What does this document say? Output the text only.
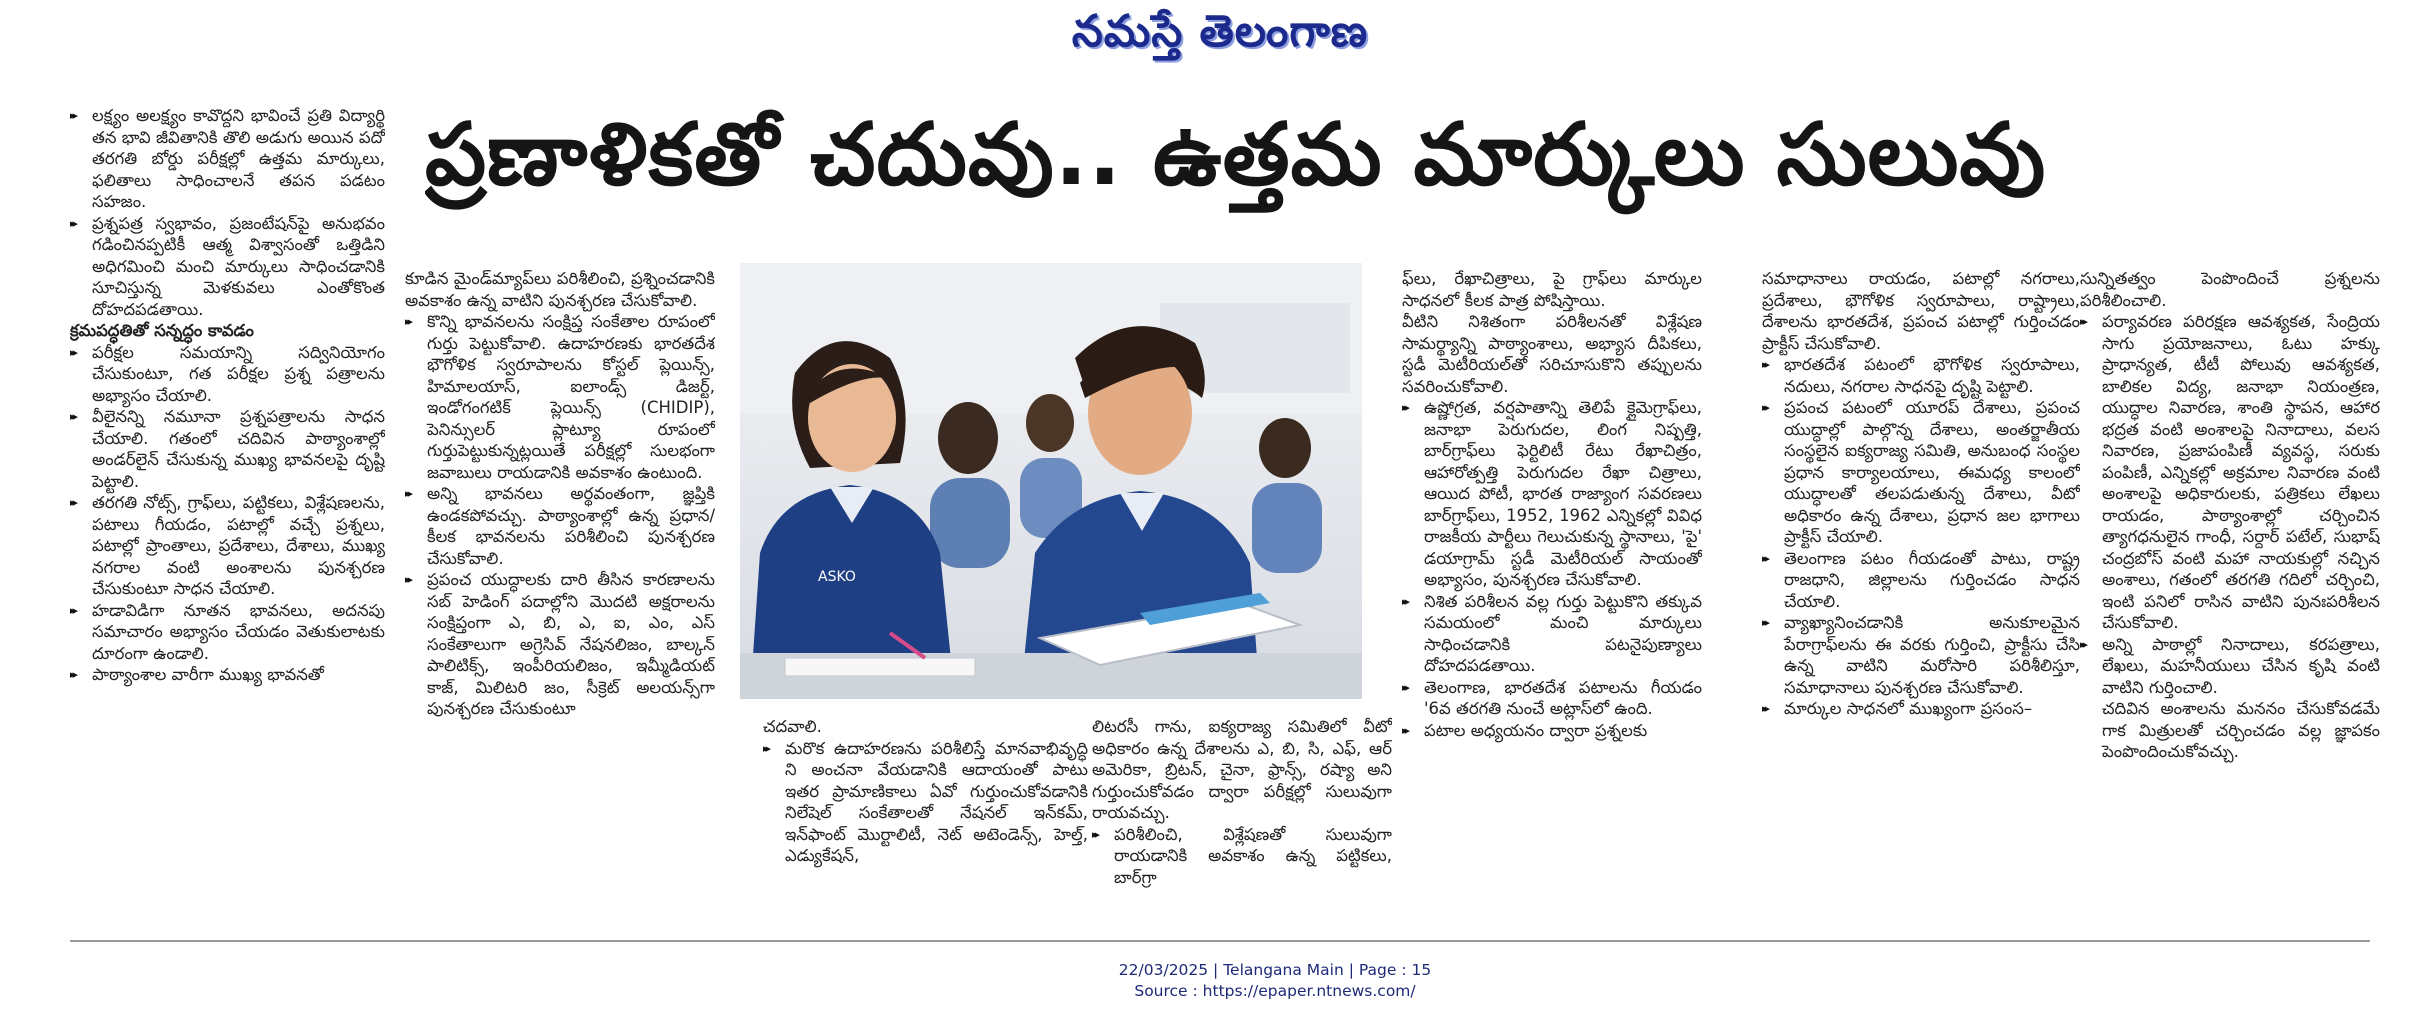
నమస్తే తెలంగాణ
ప్రణాళికతో చదువు.. ఉత్తమ మార్కులు సులువు

▸▸ లక్ష్యం అలక్ష్యం కావొద్దని భావించే ప్రతి విద్యార్థి తన భావి జీవితానికి తొలి అడుగు అయిన పదో తరగతి బోర్డు పరీక్షల్లో ఉత్తమ మార్కులు, ఫలితాలు సాధించాలనే తపన పడటం సహజం.

▸▸ ప్రశ్నపత్ర స్వభావం, ప్రజంటేషన్‌పై అనుభవం గడించినప్పటికీ ఆత్మ విశ్వాసంతో ఒత్తిడిని అధిగమించి మంచి మార్కులు సాధించడానికి సూచిస్తున్న మెళకువలు ఎంతోకొంత దోహదపడతాయి.

క్రమపద్ధతితో సన్నద్ధం కావడం

▸▸ పరీక్షల సమయాన్ని సద్వినియోగం చేసుకుంటూ, గత పరీక్షల ప్రశ్న పత్రాలను అభ్యాసం చేయాలి.

▸▸ వీలైనన్ని నమూనా ప్రశ్నపత్రాలను సాధన చేయాలి. గతంలో చదివిన పాఠ్యాంశాల్లో అండర్‌లైన్ చేసుకున్న ముఖ్య భావనలపై దృష్టి పెట్టాలి.

▸▸ తరగతి నోట్స్, గ్రాఫ్‌లు, పట్టికలు, విశ్లేషణలను, పటాలు గీయడం, పటాల్లో వచ్చే ప్రశ్నలు, పటాల్లో ప్రాంతాలు, ప్రదేశాలు, దేశాలు, ముఖ్య నగరాల వంటి అంశాలను పునశ్చరణ చేసుకుంటూ సాధన చేయాలి.

▸▸ హడావిడిగా నూతన భావనలు, అదనపు సమాచారం అభ్యాసం చేయడం వెతుకులాటకు దూరంగా ఉండాలి.

▸▸ పాఠ్యాంశాల వారీగా ముఖ్య భావనతో

కూడిన మైండ్‌మ్యాప్‌లు పరిశీలించి, ప్రశ్నించడానికి అవకాశం ఉన్న వాటిని పునశ్చరణ చేసుకోవాలి.

▸▸ కొన్ని భావనలను సంక్షిప్త సంకేతాల రూపంలో గుర్తు పెట్టుకోవాలి. ఉదాహరణకు భారతదేశ భౌగోళిక స్వరూపాలను కోస్టల్ ప్లెయిన్స్, హిమాలయాస్, ఐలాండ్స్ డిజర్ట్, ఇండోగంగటిక్ ప్లెయిన్స్ (CHIDIP), పెనిన్సులర్ ప్లాట్యూ రూపంలో గుర్తుపెట్టుకున్నట్లయితే పరీక్షల్లో సులభంగా జవాబులు రాయడానికి అవకాశం ఉంటుంది.

▸▸ అన్ని భావనలు అర్థవంతంగా, జ్ఞప్తికి ఉండకపోవచ్చు. పాఠ్యాంశాల్లో ఉన్న ప్రధాన/కీలక భావనలను పరిశీలించి పునశ్చరణ చేసుకోవాలి.

▸▸ ప్రపంచ యుద్ధాలకు దారి తీసిన కారణాలను సబ్ హెడింగ్ పదాల్లోని మొదటి అక్షరాలను సంక్షిప్తంగా ఎ, బి, ఎ, ఐ, ఎం, ఎస్ సంకేతాలుగా అగ్రెసివ్ నేషనలిజం, బాల్కన్ పాలిటిక్స్, ఇంపీరియలిజం, ఇమ్మీడియట్ కాజ్, మిలిటరి జం, సీక్రెట్ అలయన్స్‌గా పునశ్చరణ చేసుకుంటూ

ASKO

చదవాలి.

▸▸ మరొక ఉదాహరణను పరిశీలిస్తే మానవాభివృద్ధి ని అంచనా వేయడానికి ఆదాయంతో పాటు ఇతర ప్రామాణికాలు ఏవో గుర్తుంచుకోవడానికి నిలేషెల్ సంకేతాలతో నేషనల్ ఇన్‌కమ్, ఇన్‌ఫాంట్ మొర్టాలిటీ, నెట్ అటెండెన్స్, హెల్త్, ఎడ్యుకేషన్,

లిటరసీ గాను, ఐక్యరాజ్య సమితిలో వీటో అధికారం ఉన్న దేశాలను ఎ, బి, సి, ఎఫ్, ఆర్‌ అమెరికా, బ్రిటన్, చైనా, ఫ్రాన్స్, రష్యా అని గుర్తుంచుకోవడం ద్వారా పరీక్షల్లో సులువుగా రాయవచ్చు.

▸▸ పరిశీలించి, విశ్లేషణతో సులువుగా రాయడానికి అవకాశం ఉన్న పట్టికలు, బార్‌గ్రా

ఫ్‌లు, రేఖాచిత్రాలు, పై గ్రాఫ్‌లు మార్కుల సాధనలో కీలక పాత్ర పోషిస్తాయి.

వీటిని నిశితంగా పరిశీలనతో విశ్లేషణ సామర్థ్యాన్ని పాఠ్యాంశాలు, అభ్యాస దీపికలు, స్టడీ మెటీరియల్‌తో సరిచూసుకొని తప్పులను సవరించుకోవాలి.

▸▸ ఉష్ణోగ్రత, వర్షపాతాన్ని తెలిపే క్లైమెగ్రాఫ్‌లు, జనాభా పెరుగుదల, లింగ నిష్పత్తి, బార్‌గ్రాఫ్‌లు ఫెర్టిలిటీ రేటు రేఖాచిత్రం, ఆహారోత్పత్తి పెరుగుదల రేఖా చిత్రాలు, ఆయిద పోటీ, భారత రాజ్యాంగ సవరణలు బార్‌గ్రాఫ్‌లు, 1952, 1962 ఎన్నికల్లో వివిధ రాజకీయ పార్టీలు గెలుచుకున్న స్థానాలు, 'పై' డయాగ్రామ్ స్టడీ మెటీరియల్ సాయంతో అభ్యాసం, పునశ్చరణ చేసుకోవాలి.

▸▸ నిశిత పరిశీలన వల్ల గుర్తు పెట్టుకొని తక్కువ సమయంలో మంచి మార్కులు సాధించడానికి పటనైపుణ్యాలు దోహదపడతాయి.

▸▸ తెలంగాణ, భారతదేశ పటాలను గీయడం '6వ తరగతి నుంచే అట్లాస్‌లో ఉంది.

▸▸ పటాల అధ్యయనం ద్వారా ప్రశ్నలకు

సమాధానాలు రాయడం, పటాల్లో నగరాలు, ప్రదేశాలు, భౌగోళిక స్వరూపాలు, రాష్ట్రాలు, దేశాలను భారతదేశ, ప్రపంచ పటాల్లో గుర్తించడం ప్రాక్టీస్ చేసుకోవాలి.

▸▸ భారతదేశ పటంలో భౌగోళిక స్వరూపాలు, నదులు, నగరాల సాధనపై దృష్టి పెట్టాలి.

▸▸ ప్రపంచ పటంలో యూరప్ దేశాలు, ప్రపంచ యుద్ధాల్లో పాల్గొన్న దేశాలు, అంతర్జాతీయ సంస్థలైన ఐక్యరాజ్య సమితి, అనుబంధ సంస్థల ప్రధాన కార్యాలయాలు, ఈమధ్య కాలంలో యుద్ధాలతో తలపడుతున్న దేశాలు, వీటో అధికారం ఉన్న దేశాలు, ప్రధాన జల భాగాలు ప్రాక్టీస్ చేయాలి.

▸▸ తెలంగాణ పటం గీయడంతో పాటు, రాష్ట్ర రాజధాని, జిల్లాలను గుర్తించడం సాధన చేయాలి.

▸▸ వ్యాఖ్యానించడానికి అనుకూలమైన పేరాగ్రాఫ్‌లను ఈ వరకు గుర్తించి, ప్రాక్టీసు చేసి ఉన్న వాటిని మరోసారి పరిశీలిస్తూ, సమాధానాలు పునశ్చరణ చేసుకోవాలి.

▸▸ మార్కుల సాధనలో ముఖ్యంగా ప్రసంస–

సున్నితత్వం పెంపొందించే ప్రశ్నలను పరిశీలించాలి.

▸▸ పర్యావరణ పరిరక్షణ ఆవశ్యకత, సేంద్రియ సాగు ప్రయోజనాలు, ఓటు హక్కు ప్రాధాన్యత, టీటీ పోలువు ఆవశ్యకత, బాలికల విద్య, జనాభా నియంత్రణ, యుద్ధాల నివారణ, శాంతి స్థాపన, ఆహార భద్రత వంటి అంశాలపై నినాదాలు, వలస నివారణ, ప్రజాపంపిణీ వ్యవస్థ, సరుకు పంపిణీ, ఎన్నికల్లో అక్రమాల నివారణ వంటి అంశాలపై అధికారులకు, పత్రికలు లేఖలు రాయడం, పాఠ్యాంశాల్లో చర్చించిన త్యాగధనులైన గాంధీ, సర్దార్ పటేల్, సుభాష్ చంద్రబోస్ వంటి మహా నాయకుల్లో నచ్చిన అంశాలు, గతంలో తరగతి గదిలో చర్చించి, ఇంటి పనిలో రాసిన వాటిని పునఃపరిశీలన చేసుకోవాలి.

▸▸ అన్ని పాఠాల్లో నినాదాలు, కరపత్రాలు, లేఖలు, మహనీయులు చేసిన కృషి వంటి వాటిని గుర్తించాలి.

చదివిన అంశాలను మననం చేసుకోవడమే గాక మిత్రులతో చర్చించడం వల్ల జ్ఞాపకం పెంపొందించుకోవచ్చు.

22/03/2025 | Telangana Main | Page : 15
Source : https://epaper.ntnews.com/
